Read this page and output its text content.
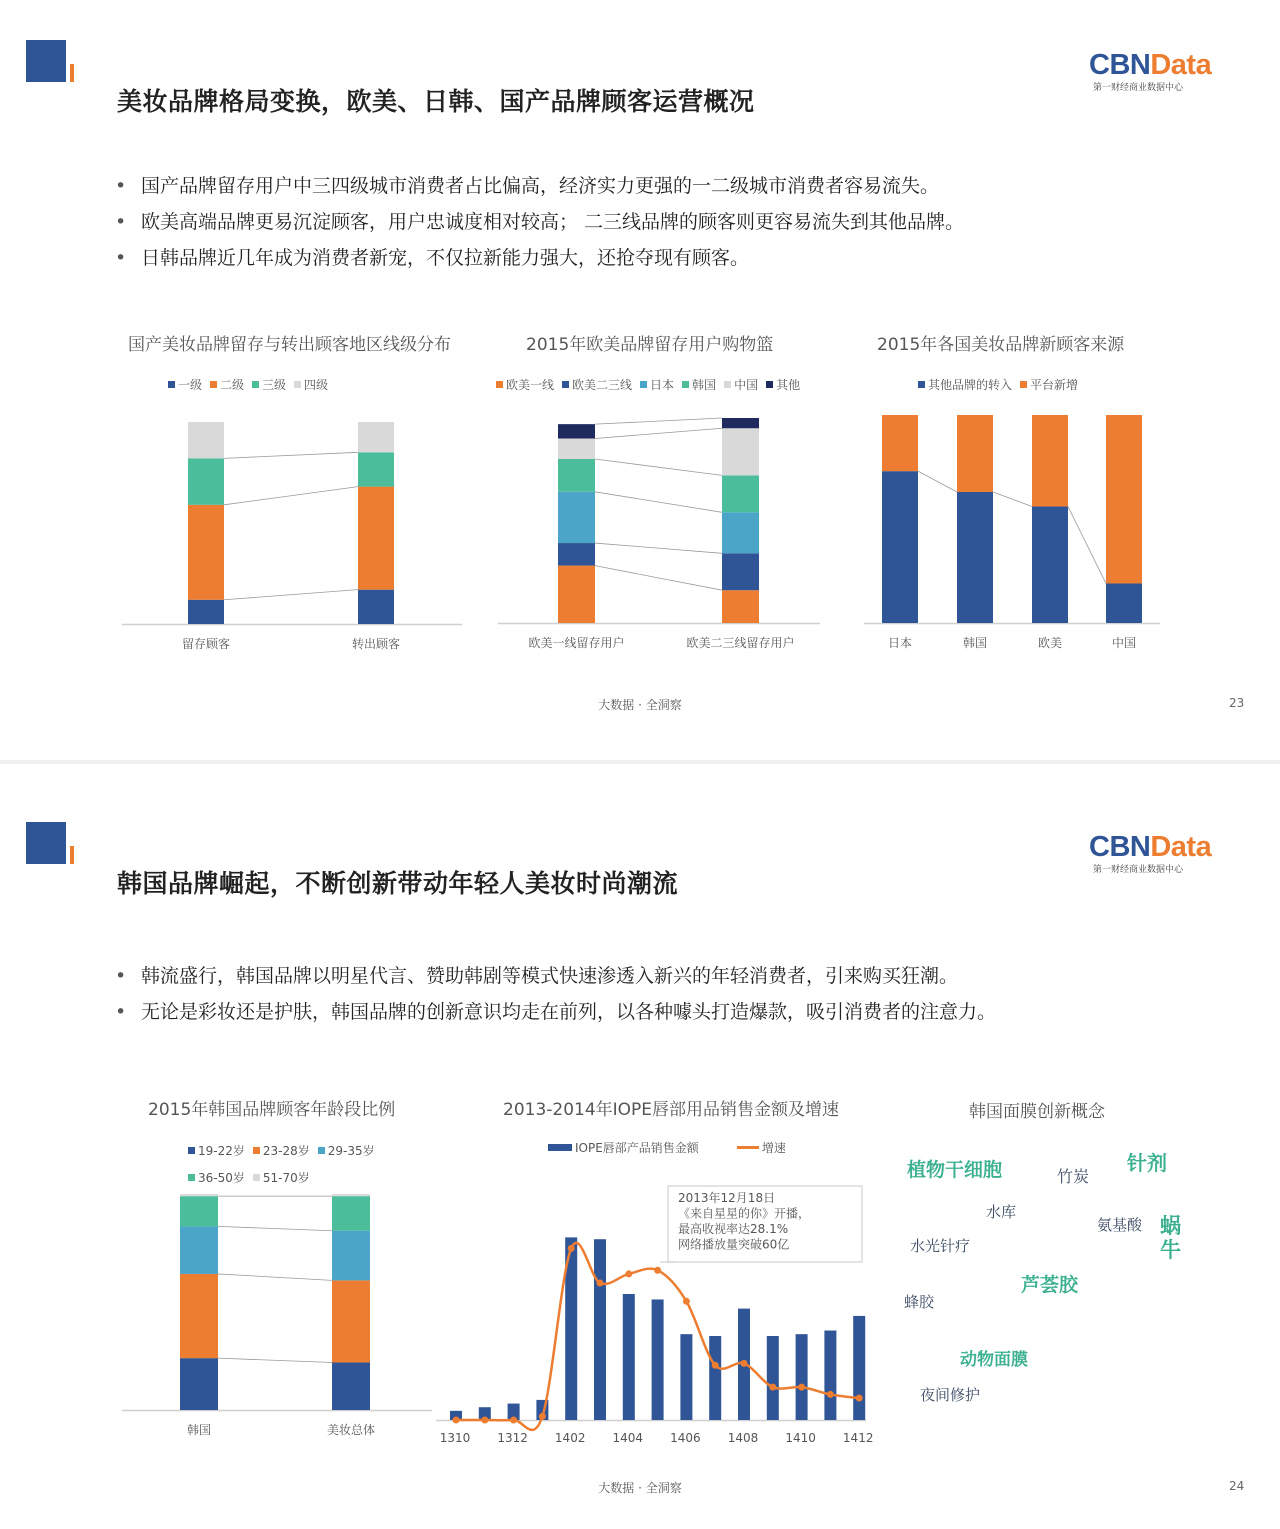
美妆品牌格局变换，欧美、日韩、国产品牌顾客运营概况
CBNData
第一财经商业数据中心
• 国产品牌留存用户中三四级城市消费者占比偏高，经济实力更强的一二级城市消费者容易流失。
• 欧美高端品牌更易沉淀顾客，用户忠诚度相对较高； 二三线品牌的顾客则更容易流失到其他品牌。
• 日韩品牌近几年成为消费者新宠，不仅拉新能力强大，还抢夺现有顾客。
国产美妆品牌留存与转出顾客地区线级分布
一级 二级 三级 四级
留存顾客	转出顾客
2015年欧美品牌留存用户购物篮
欧美一线 欧美二三线 日本 韩国 中国 其他
欧美一线留存用户	欧美二三线留存用户
2015年各国美妆品牌新顾客来源
其他品牌的转入 平台新增
日本	韩国	欧美	中国
大数据 · 全洞察	23
韩国品牌崛起，不断创新带动年轻人美妆时尚潮流
CBNData
第一财经商业数据中心
• 韩流盛行，韩国品牌以明星代言、赞助韩剧等模式快速渗透入新兴的年轻消费者，引来购买狂潮。
• 无论是彩妆还是护肤，韩国品牌的创新意识均走在前列，以各种噱头打造爆款，吸引消费者的注意力。
2015年韩国品牌顾客年龄段比例
19-22岁 23-28岁 29-35岁36-50岁 51-70岁
韩国	美妆总体
2013-2014年IOPE唇部用品销售金额及增速
IOPE唇部产品销售金额	增速
1310 1312 1402 1404 1406 1408 1410 1412
2013年12月18日
《来自星星的你》开播，
最高收视率达28.1%
网络播放量突破60亿
韩国面膜创新概念
植物干细胞	竹炭
针剂
水库
氨基酸 蜗
牛
水光针疗
芦荟胶
蜂胶
动物面膜
夜间修护
大数据 · 全洞察	24
